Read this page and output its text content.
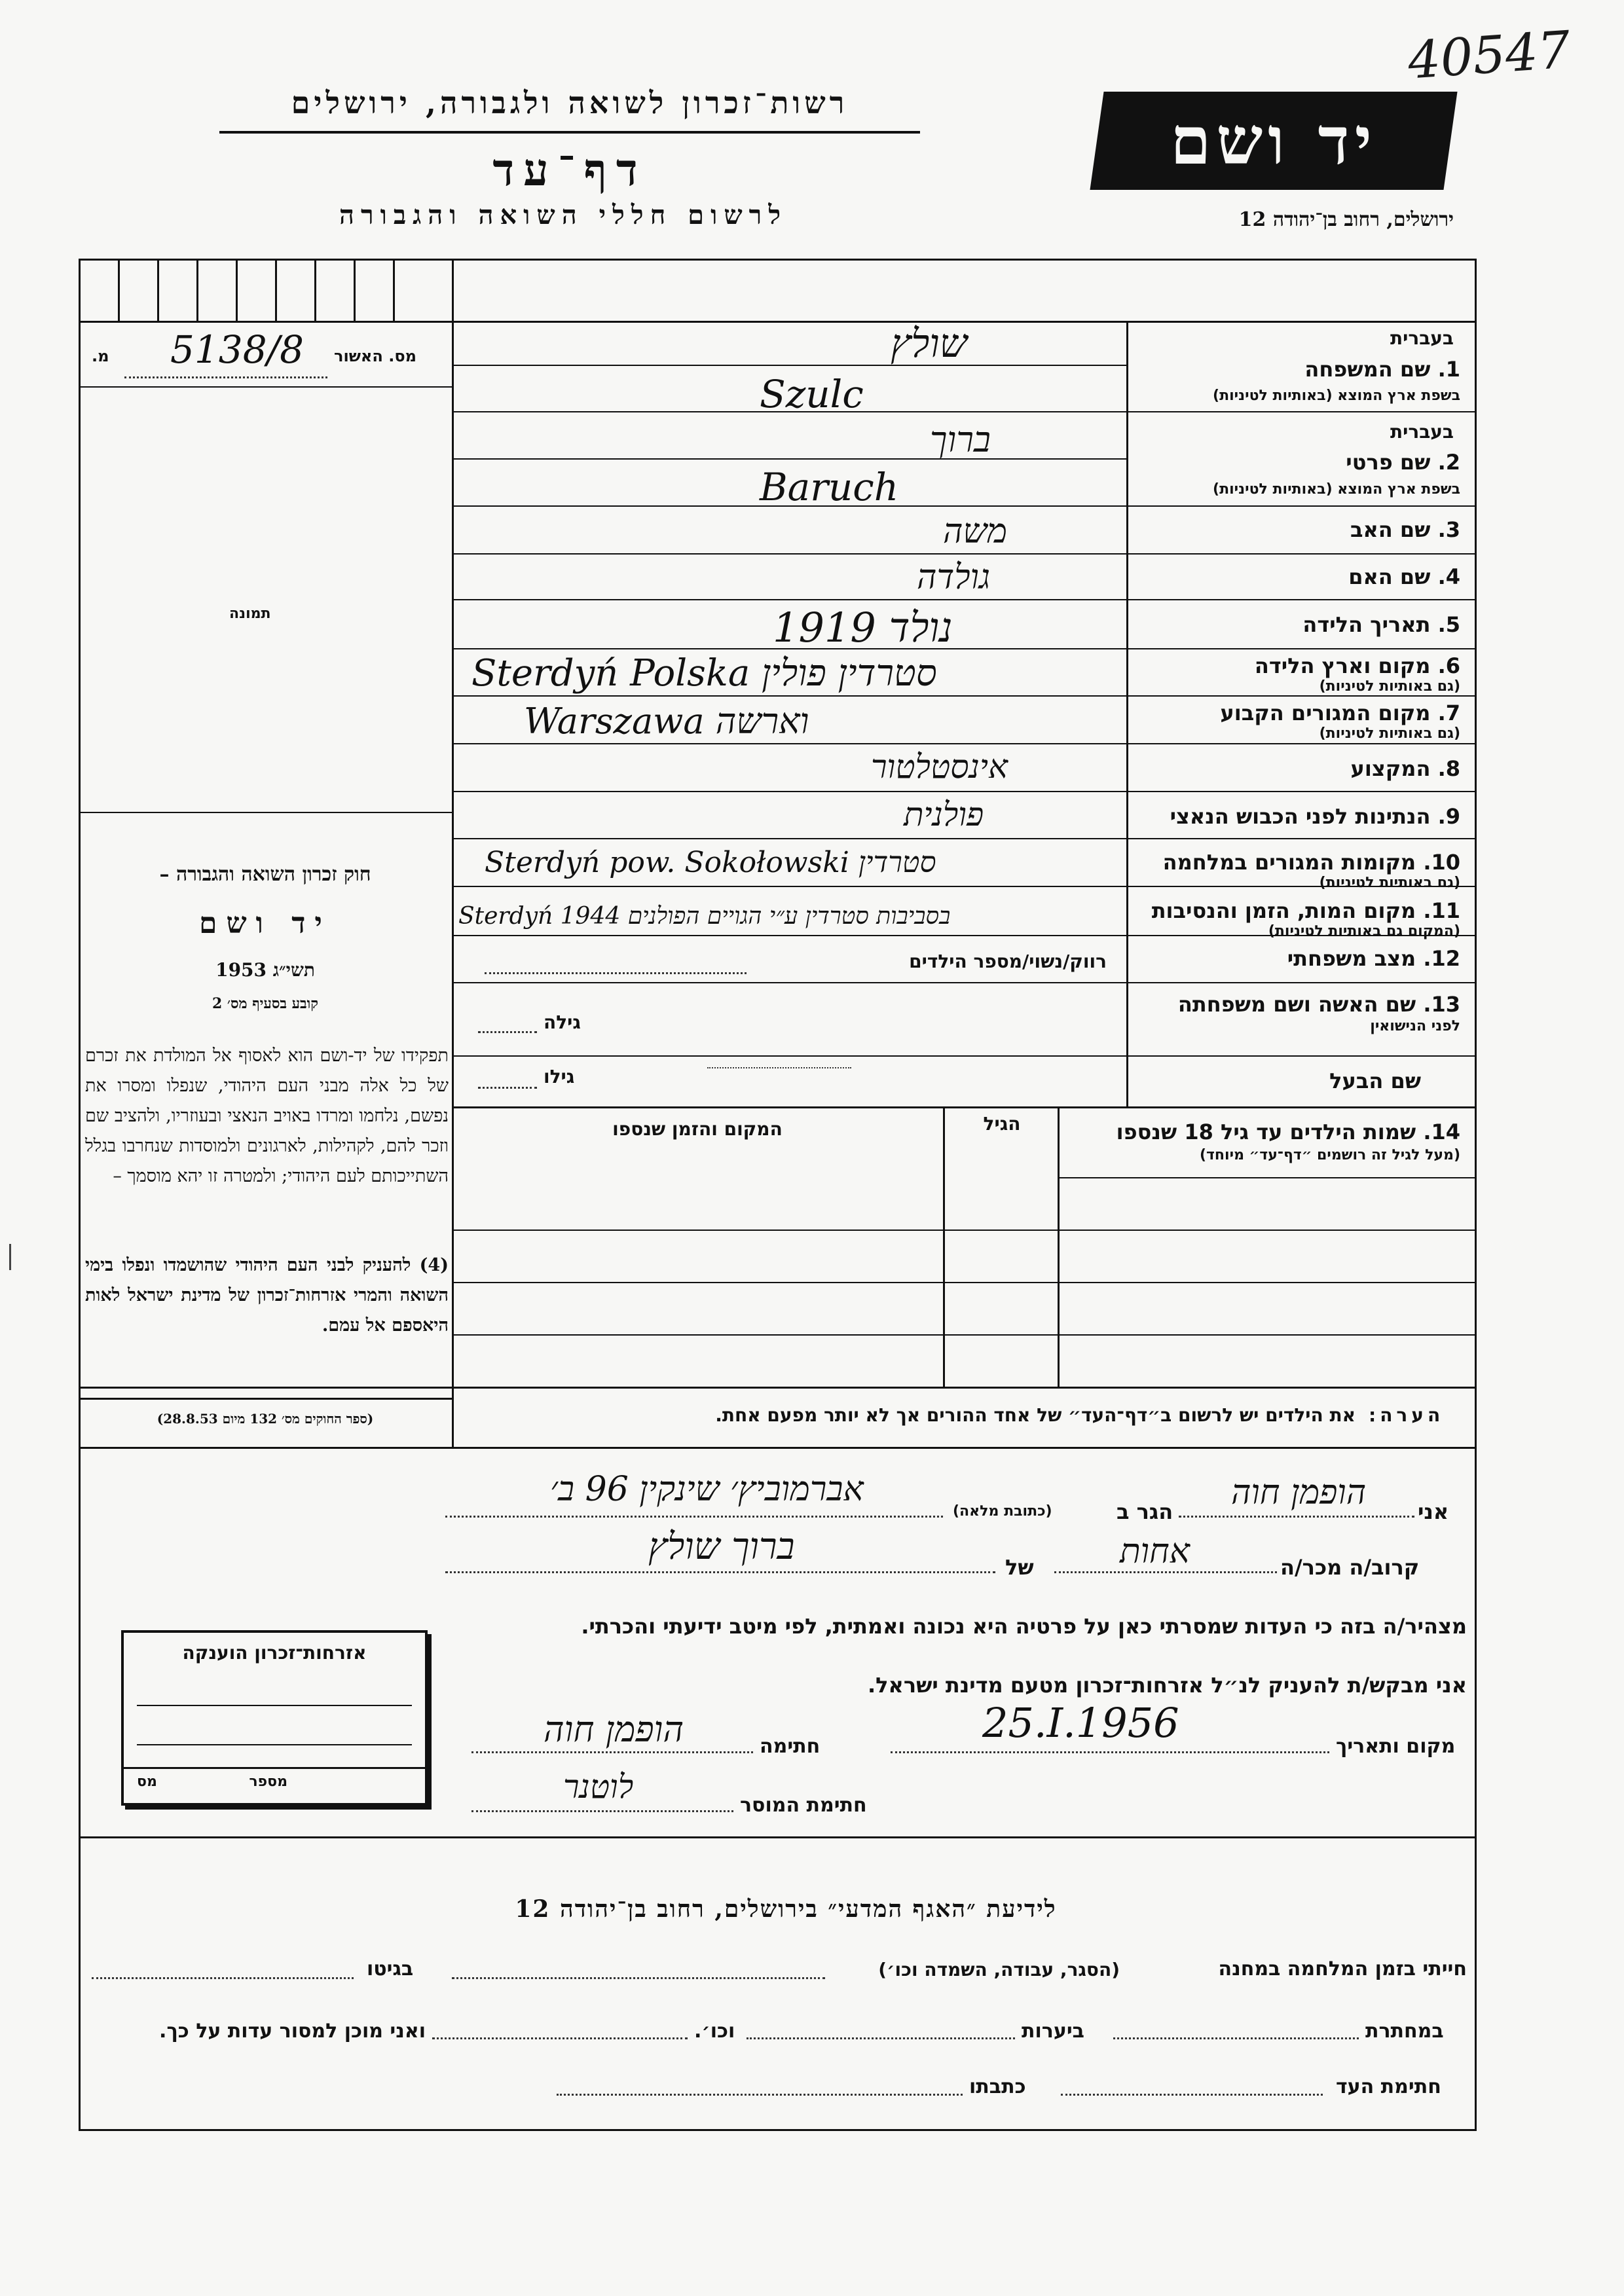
40547
רשות־זכרון לשואה ולגבורה, ירושלים
דף־עד
לרשום חללי השואה והגבורה
יד ושם
ירושלים, רחוב בן־יהודה 12
מס. האשור
מ. 5138/8
תמונה
חוק זכרון השואה והגבורה –
יד ושם
תשי״ג 1953
קובע בסעיף מס׳ 2
תפקידו של יד-ושם הוא לאסוף אל המולדת את זכרם של כל אלה מבני העם היהודי, שנפלו ומסרו את נפשם, נלחמו ומרדו באויב הנאצי ובעוזריו, ולהציב שם וזכר להם, לקהילות, לארגונים ולמוסדות שנחרבו בגלל השתייכותם לעם היהודי; ולמטרה זו יהא מוסמך –
(4) להעניק לבני העם היהודי שהושמדו ונפלו בימי השואה והמרי אזרחות־זכרון של מדינת ישראל לאות היאספם אל עמם.
(ספר החוקים מס׳ 132 מיום 28.8.53)
בעברית
1. שם המשפחה
בשפת ארץ המוצא (באותיות לטיניות)
שולץ
Szulc
בעברית
2. שם פרטי
בשפת ארץ המוצא (באותיות לטיניות)
ברוך
Baruch
3. שם האב
משה
4. שם האם
גולדה
5. תאריך הלידה
1919 נולד
6. מקום וארץ הלידה
(גם באותיות לטיניות)
Sterdyń Polska סטרדין פולין
7. מקום המגורים הקבוע
(גם באותיות לטיניות)
Warszawa וארשה
8. המקצוע
אינסטלטור
9. הנתינות לפני הכבוש הנאצי
פולנית
10. מקומות המגורים במלחמה
(גם באותיות לטיניות)
Sterdyń pow. Sokołowski סטרדין
11. מקום המות, הזמן והנסיבות
(המקום גם באותיות לטיניות)
Sterdyń 1944 בסביבות סטרדין ע״י הגויים הפולנים
12. מצב משפחתי
רווק/נשוי/מספר הילדים
13. שם האשה ושם משפחתה
לפני הנישואין
גילה
שם הבעל
גילו
14. שמות הילדים עד גיל 18 שנספו
(מעל לגיל זה רושמים ״דף־עד״ מיוחד)
הגיל
המקום והזמן שנספו
הערה:
את הילדים יש לרשום ב״דף־העד״ של אחד ההורים אך לא יותר מפעם אחת.
אני
הופמן חוה
הגר ב
(כתובת מלאה)
אברמוביץ׳ שינקין 96 ב׳
קרוב/ה מכר/ה
אחות
של
ברוך שולץ
מצהיר/ה בזה כי העדות שמסרתי כאן על פרטיה היא נכונה ואמתית, לפי מיטב ידיעתי והכרתי.
אני מבקש/ת להעניק לנ״ל אזרחות־זכרון מטעם מדינת ישראל.
מקום ותאריך
25.I.1956
חתימה
הופמן חוה
חתימת המוסר
לוטנר
אזרחות־זכרון הוענקה
מספר
מס
לידיעת ״האגף המדעי״ בירושלים, רחוב בן־יהודה 12
חייתי בזמן המלחמה במחנה
(הסגר, עבודה, השמדה וכו׳)
בגיטו
במחתרת
ביערות
וכו׳.
ואני מוכן למסור עדות על כך.
חתימת העד
כתבתו
